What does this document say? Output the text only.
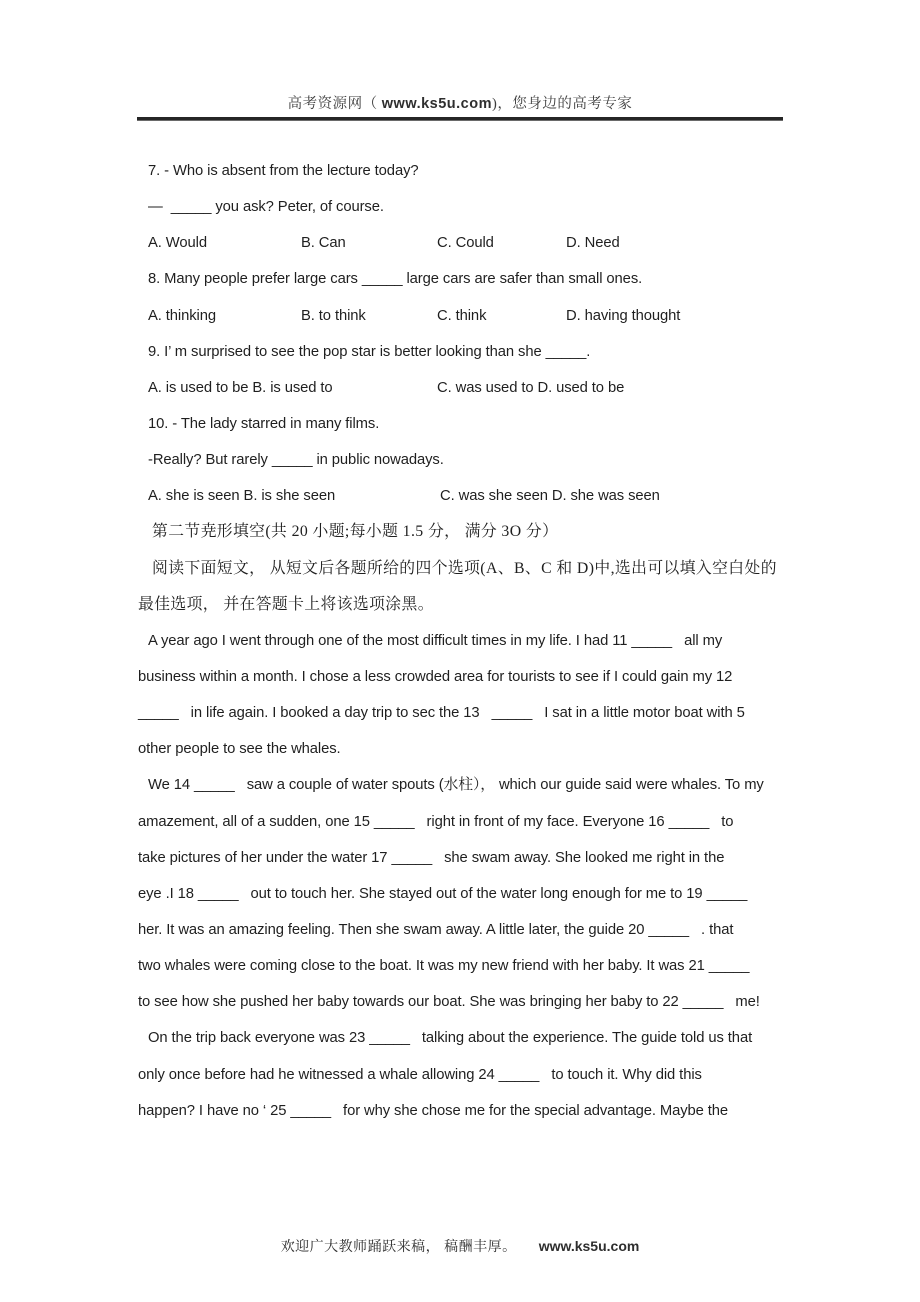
高考资源网（ www.ks5u.com)，您身边的高考专家
7. - Who is absent from the lecture today?
—  _____ you ask? Peter, of course.
A. Would	B. Can	C. Could	D. Need
8. Many people prefer large cars _____ large cars are safer than small ones.
A. thinking	B. to think	C. think	D. having thought
9. I’ m surprised to see the pop star is better looking than she _____.
A. is used to be B. is used to	C. was used to D. used to be
10. - The lady starred in many films.
-Really? But rarely _____ in public nowadays.
A. she is seen B. is she seen	C. was she seen D. she was seen
第二节尭形填空(共 20 小题;每小题 1.5 分， 满分 3O 分）
阅读下面短文， 从短文后各题所给的四个选项(A、B、C 和 D)中,选出可以填入空白处的
最佳选项， 并在答题卡上将该选项涂黑。
A year ago I went through one of the most difficult times in my life. I had 11 _____   all my
business within a month. I chose a less crowded area for tourists to see if I could gain my 12
_____   in life again. I booked a day trip to sec the 13   _____   I sat in a little motor boat with 5
other people to see the whales.
We 14 _____   saw a couple of water spouts (水柱）， which our guide said were whales. To my
amazement, all of a sudden, one 15 _____   right in front of my face. Everyone 16 _____   to
take pictures of her under the water 17 _____   she swam away. She looked me right in the
eye .I 18 _____   out to touch her. She stayed out of the water long enough for me to 19 _____
her. It was an amazing feeling. Then she swam away. A little later, the guide 20 _____   . that
two whales were coming close to the boat. It was my new friend with her baby. It was 21 _____
to see how she pushed her baby towards our boat. She was bringing her baby to 22 _____   me!
On the trip back everyone was 23 _____   talking about the experience. The guide told us that
only once before had he witnessed a whale allowing 24 _____   to touch it. Why did this
happen? I have no ‘ 25 _____   for why she chose me for the special advantage. Maybe the
欢迎广大教师踊跃来稿， 稿酬丰厚。 www.ks5u.com
